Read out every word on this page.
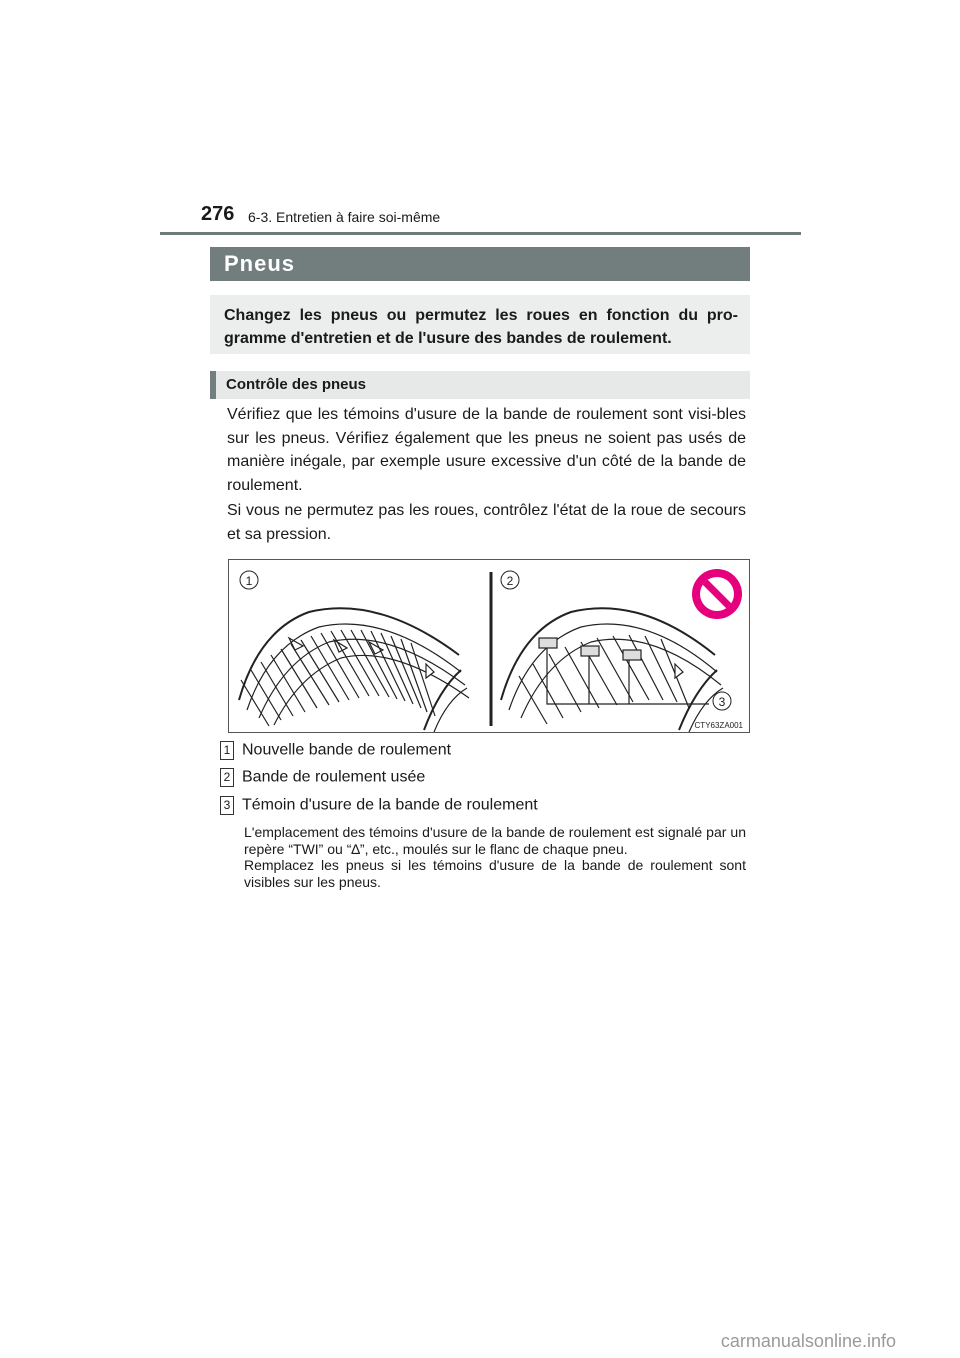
276 6-3. Entretien à faire soi-même
Pneus
Changez les pneus ou permutez les roues en fonction du pro-gramme d'entretien et de l'usure des bandes de roulement.
Contrôle des pneus
Vérifiez que les témoins d'usure de la bande de roulement sont visi-bles sur les pneus. Vérifiez également que les pneus ne soient pas usés de manière inégale, par exemple usure excessive d'un côté de la bande de roulement.
Si vous ne permutez pas les roues, contrôlez l'état de la roue de secours et sa pression.
1	2
3
CTY63ZA001
1 Nouvelle bande de roulement
2 Bande de roulement usée
3 Témoin d'usure de la bande de roulement
L'emplacement des témoins d'usure de la bande de roulement est signalé par un repère “TWI” ou “∆”, etc., moulés sur le flanc de chaque pneu.
Remplacez les pneus si les témoins d'usure de la bande de roulement sont visibles sur les pneus.
carmanualsonline.info
